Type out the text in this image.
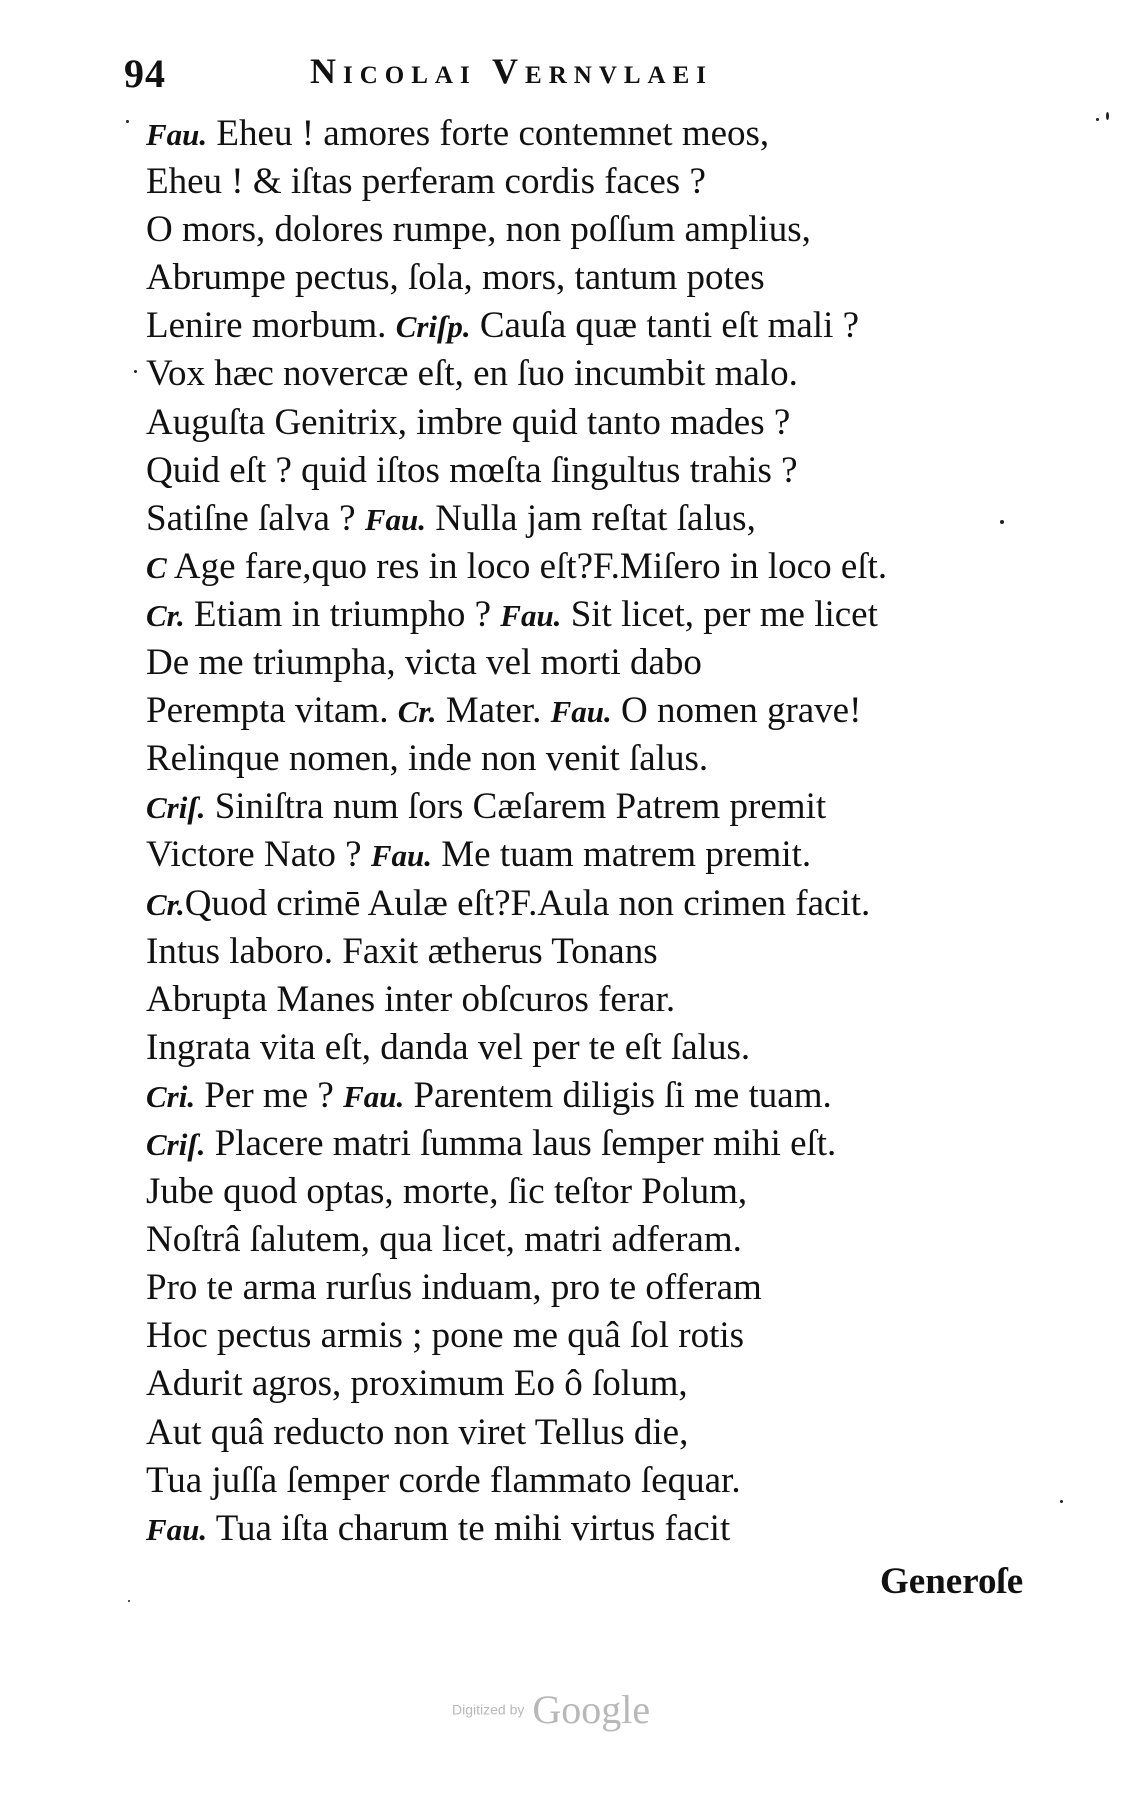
94	Nicolai Vernvlaei
Fau. Eheu ! amores forte contemnet meos,
Eheu ! & iſtas perferam cordis faces ?
O mors, dolores rumpe, non poſſum amplius,
Abrumpe pectus, ſola, mors, tantum potes
Lenire morbum. Criſp. Cauſa quæ tanti eſt mali ?
Vox hæc novercæ eſt, en ſuo incumbit malo.
Auguſta Genitrix, imbre quid tanto mades ?
Quid eſt ? quid iſtos mœſta ſingultus trahis ?
Satiſne ſalva ? Fau. Nulla jam reſtat ſalus,
C Age fare,quo res in loco eſt?F.Miſero in loco eſt.
Cr. Etiam in triumpho ? Fau. Sit licet, per me licet
De me triumpha, victa vel morti dabo
Perempta vitam. Cr. Mater. Fau. O nomen grave!
Relinque nomen, inde non venit ſalus.
Criſ. Siniſtra num ſors Cæſarem Patrem premit
Victore Nato ? Fau. Me tuam matrem premit.
Cr.Quod crimē Aulæ eſt?F.Aula non crimen facit.
Intus laboro. Faxit ætherus Tonans
Abrupta Manes inter obſcuros ferar.
Ingrata vita eſt, danda vel per te eſt ſalus.
Cri. Per me ? Fau. Parentem diligis ſi me tuam.
Criſ. Placere matri ſumma laus ſemper mihi eſt.
Jube quod optas, morte, ſic teſtor Polum,
Noſtrâ ſalutem, qua licet, matri adferam.
Pro te arma rurſus induam, pro te offeram
Hoc pectus armis ; pone me quâ ſol rotis
Adurit agros, proximum Eo ô ſolum,
Aut quâ reducto non viret Tellus die,
Tua juſſa ſemper corde flammato ſequar.
Fau. Tua iſta charum te mihi virtus facit
Generoſe
Digitized by Google
